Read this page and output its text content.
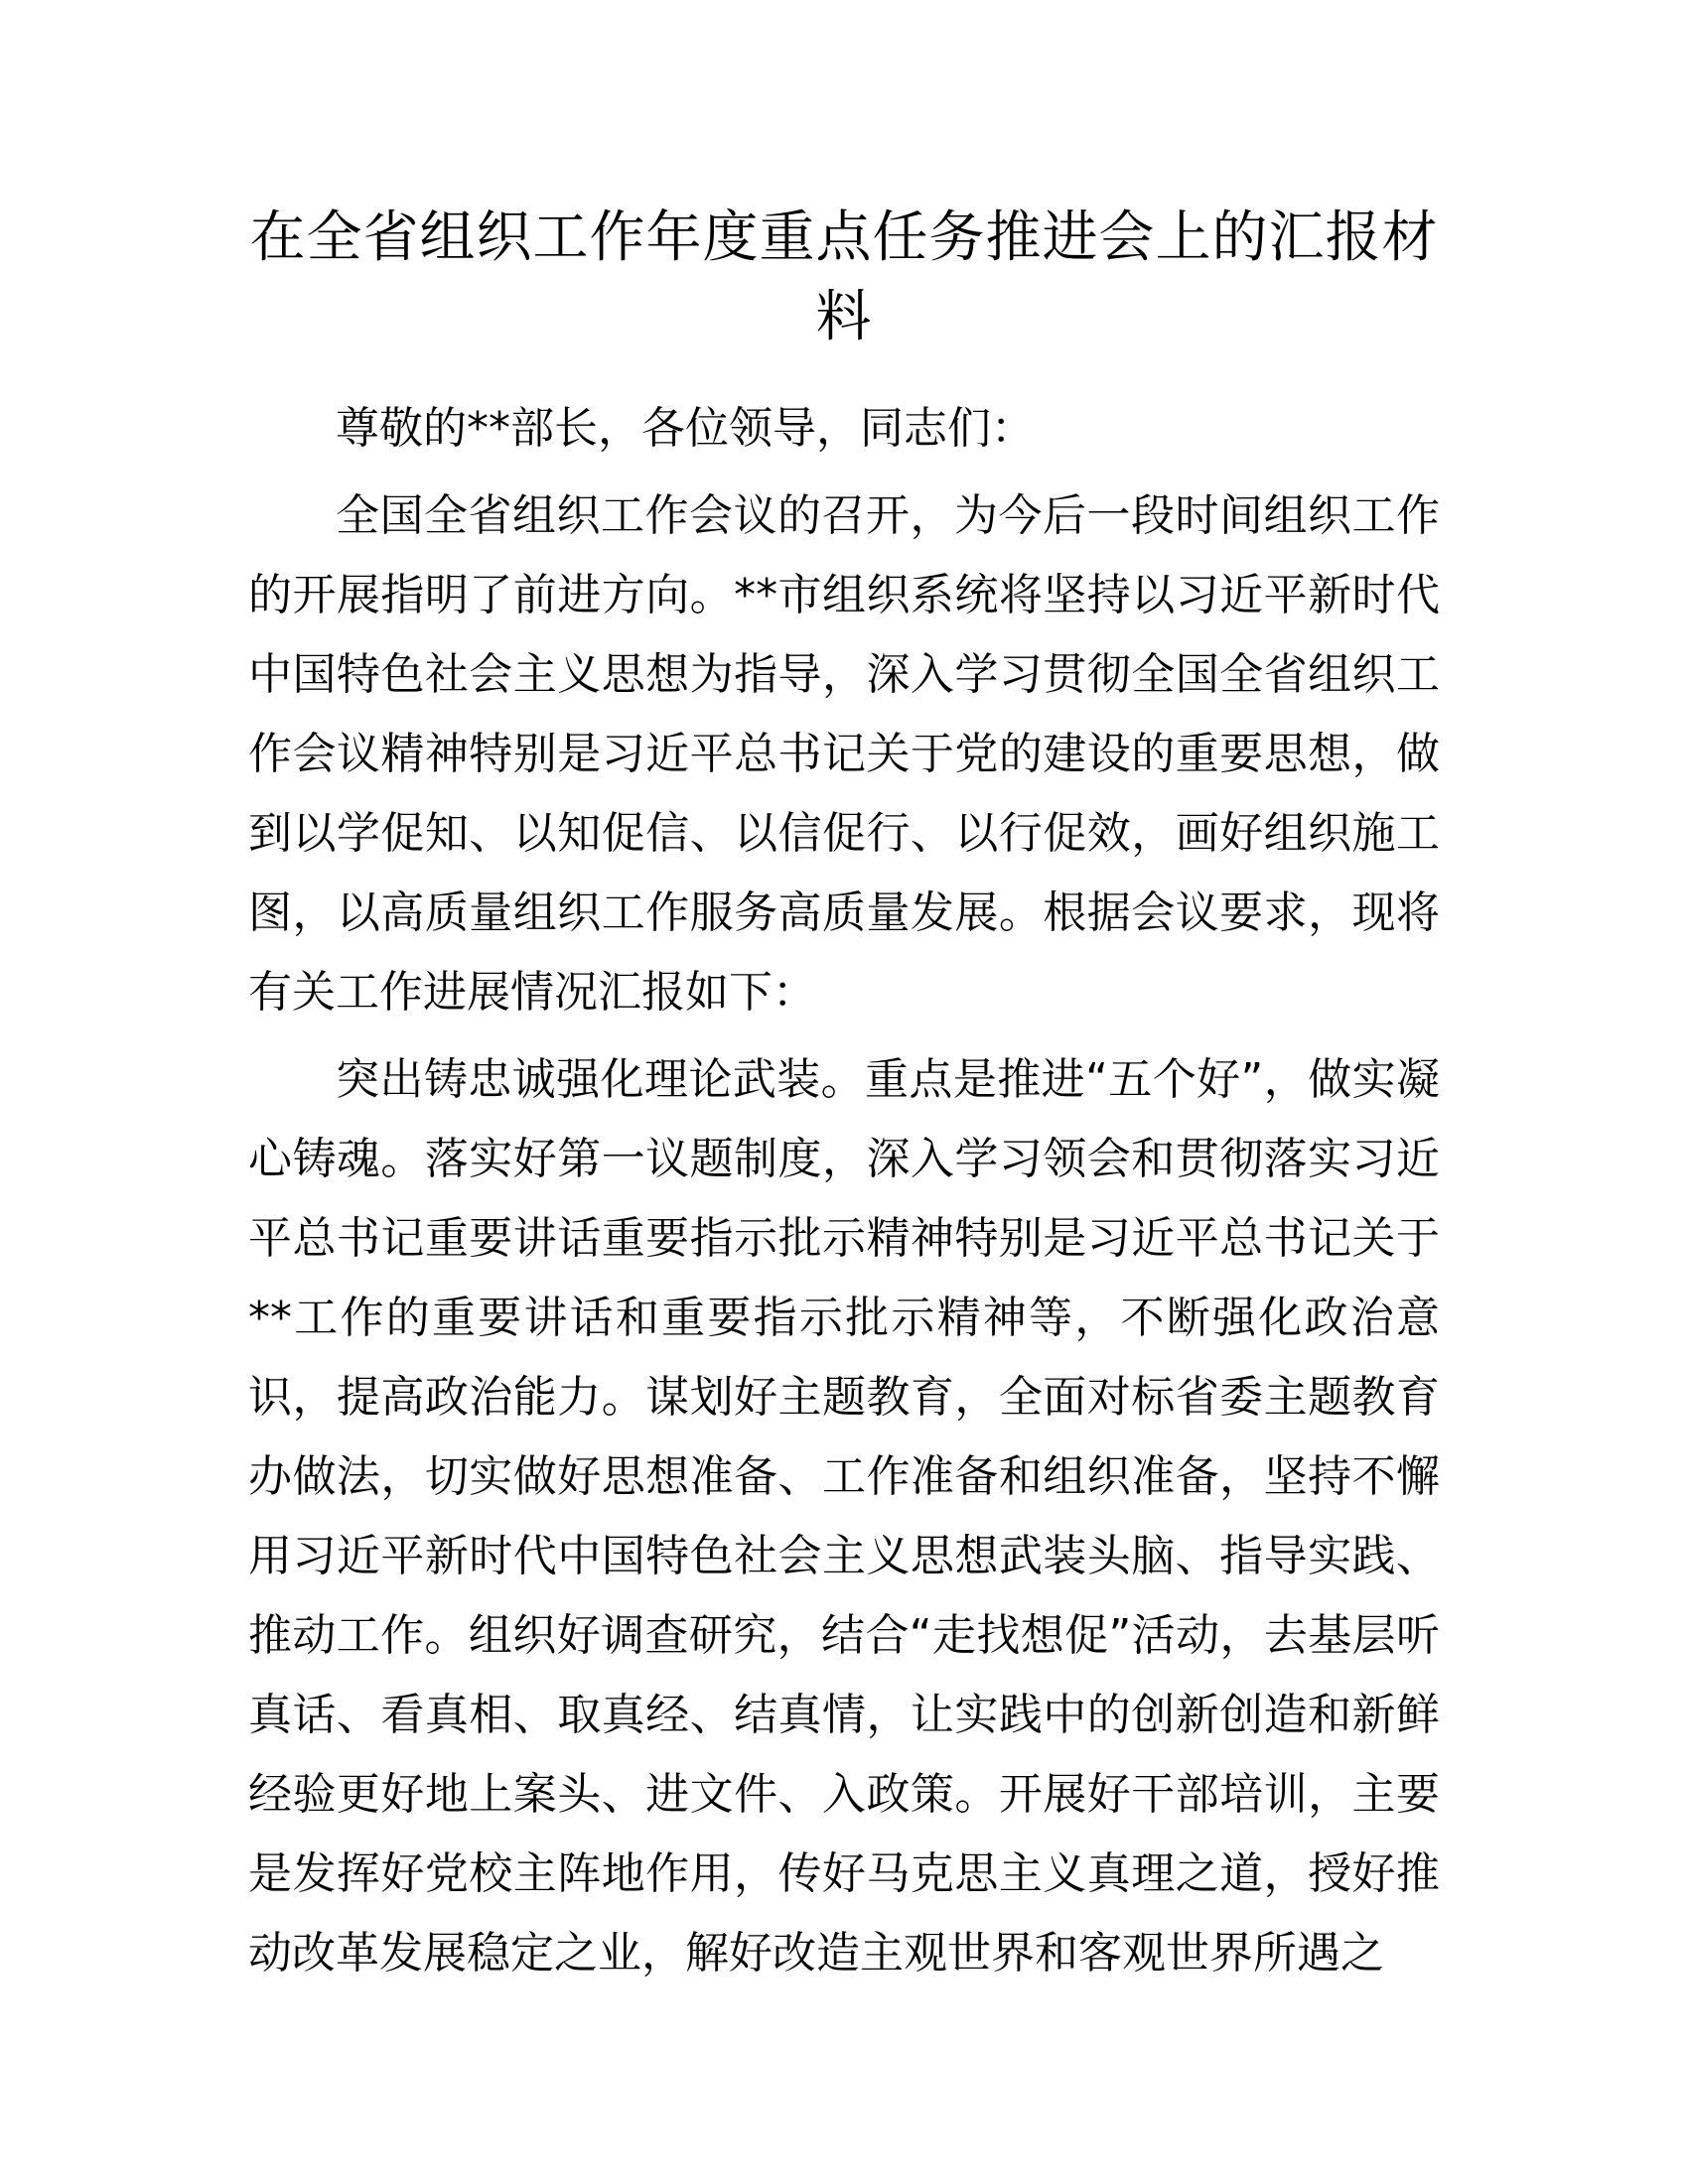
在全省组织工作年度重点任务推进会上的汇报材料

尊敬的**部长，各位领导，同志们：

全国全省组织工作会议的召开，为今后一段时间组织工作的开展指明了前进方向。**市组织系统将坚持以习近平新时代中国特色社会主义思想为指导，深入学习贯彻全国全省组织工作会议精神特别是习近平总书记关于党的建设的重要思想，做到以学促知、以知促信、以信促行、以行促效，画好组织施工图，以高质量组织工作服务高质量发展。根据会议要求，现将有关工作进展情况汇报如下：

突出铸忠诚强化理论武装。重点是推进“五个好”，做实凝心铸魂。落实好第一议题制度，深入学习领会和贯彻落实习近平总书记重要讲话重要指示批示精神特别是习近平总书记关于**工作的重要讲话和重要指示批示精神等，不断强化政治意识，提高政治能力。谋划好主题教育，全面对标省委主题教育办做法，切实做好思想准备、工作准备和组织准备，坚持不懈用习近平新时代中国特色社会主义思想武装头脑、指导实践、推动工作。组织好调查研究，结合“走找想促”活动，去基层听真话、看真相、取真经、结真情，让实践中的创新创造和新鲜经验更好地上案头、进文件、入政策。开展好干部培训，主要是发挥好党校主阵地作用，传好马克思主义真理之道，授好推动改革发展稳定之业，解好改造主观世界和客观世界所遇之
